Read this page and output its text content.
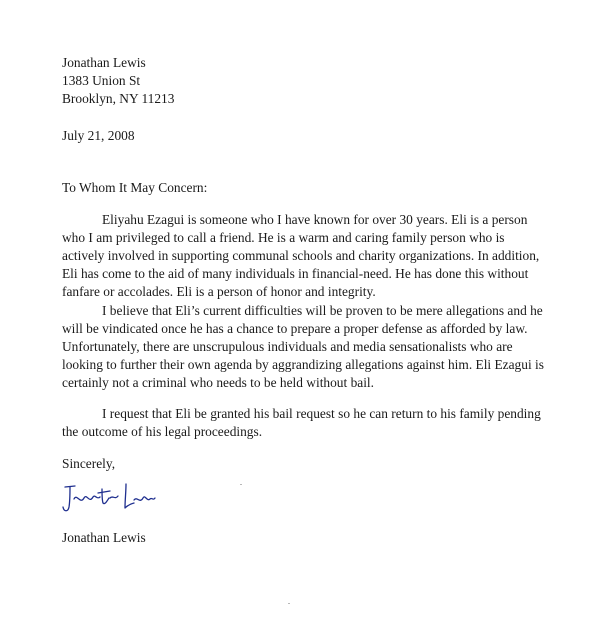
Jonathan Lewis
1383 Union St
Brooklyn, NY 11213
July 21, 2008
To Whom It May Concern:
Eliyahu Ezagui is someone who I have known for over 30 years. Eli is a person
who I am privileged to call a friend. He is a warm and caring family person who is
actively involved in supporting communal schools and charity organizations. In addition,
Eli has come to the aid of many individuals in financial-need. He has done this without
fanfare or accolades. Eli is a person of honor and integrity.
I believe that Eli’s current difficulties will be proven to be mere allegations and he
will be vindicated once he has a chance to prepare a proper defense as afforded by law.
Unfortunately, there are unscrupulous individuals and media sensationalists who are
looking to further their own agenda by aggrandizing allegations against him. Eli Ezagui is
certainly not a criminal who needs to be held without bail.
I request that Eli be granted his bail request so he can return to his family pending
the outcome of his legal proceedings.
Sincerely,
Jonathan Lewis
